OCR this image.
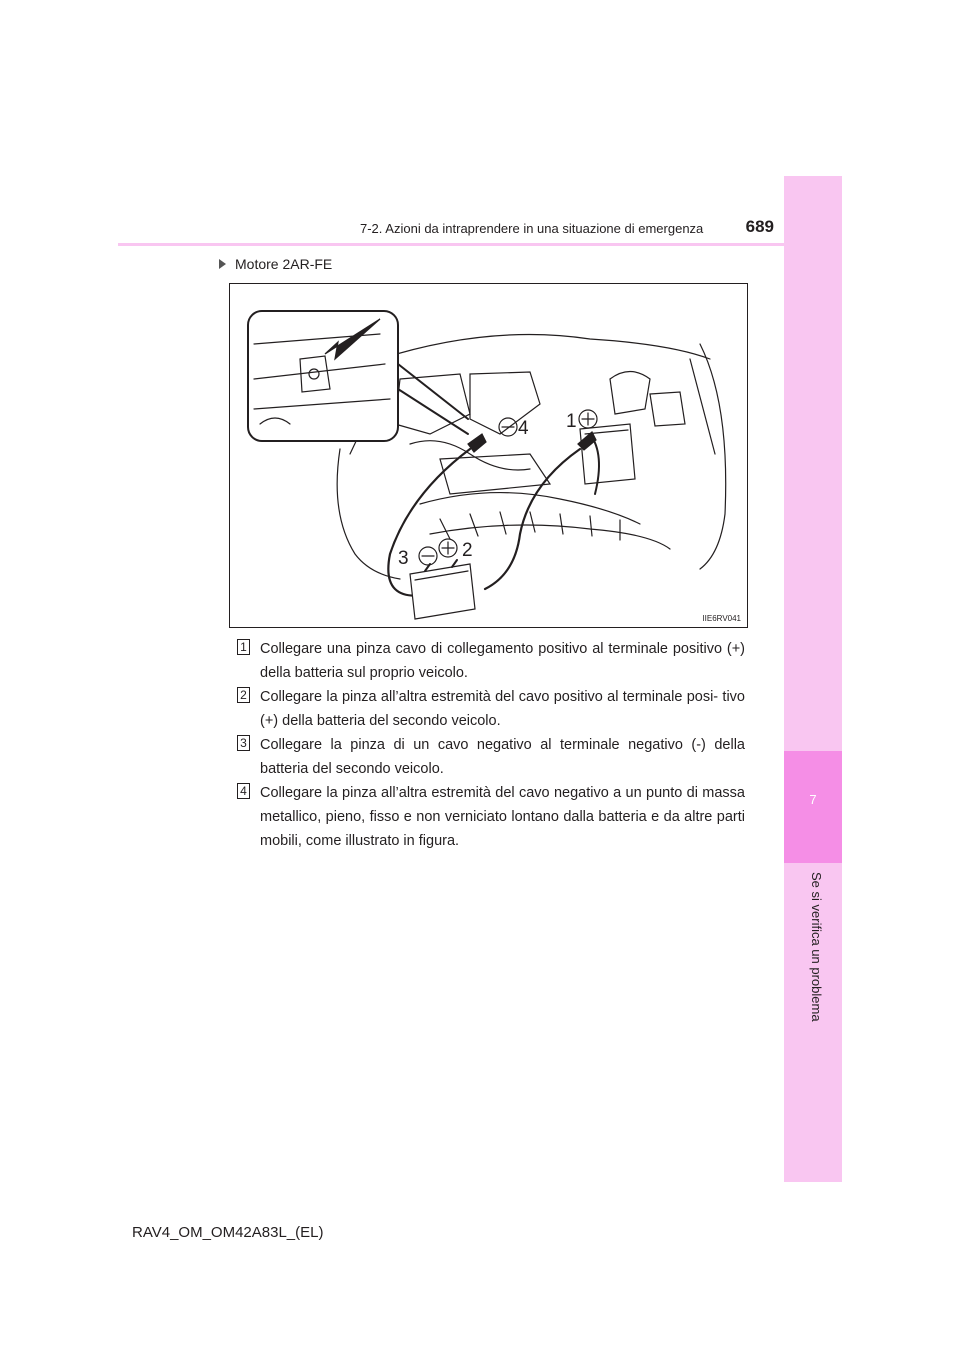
7
Se si verifica un problema
7-2. Azioni da intraprendere in una situazione di emergenza	689
Motore 2AR-FE
1
4
3	2
IIE6RV041
1 Collegare una pinza cavo di collegamento positivo al terminale positivo (+) della batteria sul proprio veicolo.
2 Collegare la pinza all’altra estremità del cavo positivo al terminale posi- tivo (+) della batteria del secondo veicolo.
3 Collegare la pinza di un cavo negativo al terminale negativo (-) della batteria del secondo veicolo.
4 Collegare la pinza all’altra estremità del cavo negativo a un punto di massa metallico, pieno, fisso e non verniciato lontano dalla batteria e da altre parti mobili, come illustrato in figura.
RAV4_OM_OM42A83L_(EL)
